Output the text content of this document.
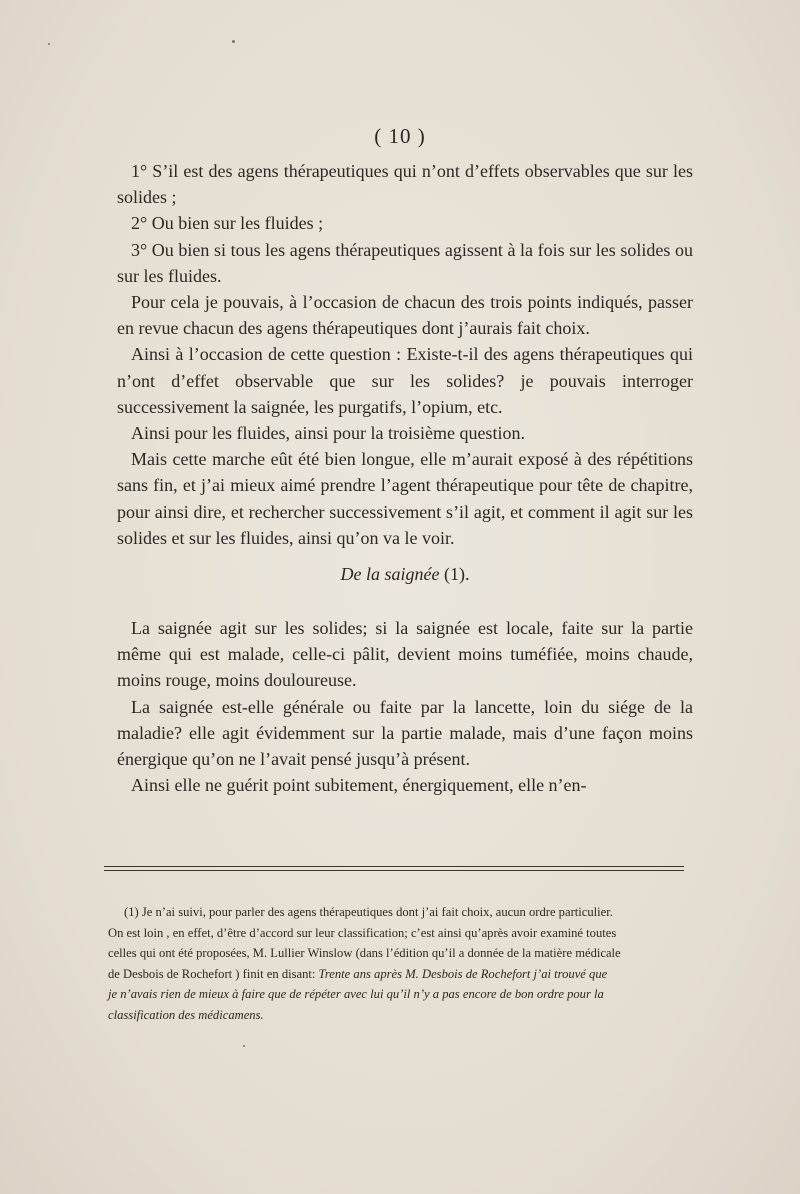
( 10 )

1° S’il est des agens thérapeutiques qui n’ont d’effets observables que sur les solides ;

2° Ou bien sur les fluides ;

3° Ou bien si tous les agens thérapeutiques agissent à la fois sur les solides ou sur les fluides.

Pour cela je pouvais, à l’occasion de chacun des trois points indiqués, passer en revue chacun des agens thérapeutiques dont j’aurais fait choix.

Ainsi à l’occasion de cette question : Existe-t-il des agens thérapeutiques qui n’ont d’effet observable que sur les solides? je pouvais interroger successivement la saignée, les purgatifs, l’opium, etc.

Ainsi pour les fluides, ainsi pour la troisième question.

Mais cette marche eût été bien longue, elle m’aurait exposé à des répétitions sans fin, et j’ai mieux aimé prendre l’agent thérapeutique pour tête de chapitre, pour ainsi dire, et rechercher successivement s’il agit, et comment il agit sur les solides et sur les fluides, ainsi qu’on va le voir.

De la saignée (1).

La saignée agit sur les solides; si la saignée est locale, faite sur la partie même qui est malade, celle-ci pâlit, devient moins tuméfiée, moins chaude, moins rouge, moins douloureuse.

La saignée est-elle générale ou faite par la lancette, loin du siége de la maladie? elle agit évidemment sur la partie malade, mais d’une façon moins énergique qu’on ne l’avait pensé jusqu’à présent.

Ainsi elle ne guérit point subitement, énergiquement, elle n’en-

(1) Je n’ai suivi, pour parler des agens thérapeutiques dont j’ai fait choix, aucun ordre particulier.
On est loin , en effet, d’être d’accord sur leur classification; c’est ainsi qu’après avoir examiné toutes
celles qui ont été proposées, M. Lullier Winslow (dans l’édition qu’il a donnée de la matière médicale
de Desbois de Rochefort ) finit en disant: Trente ans après M. Desbois de Rochefort j’ai trouvé que
je n’avais rien de mieux à faire que de répéter avec lui qu’il n’y a pas encore de bon ordre pour la
classification des médicamens.
